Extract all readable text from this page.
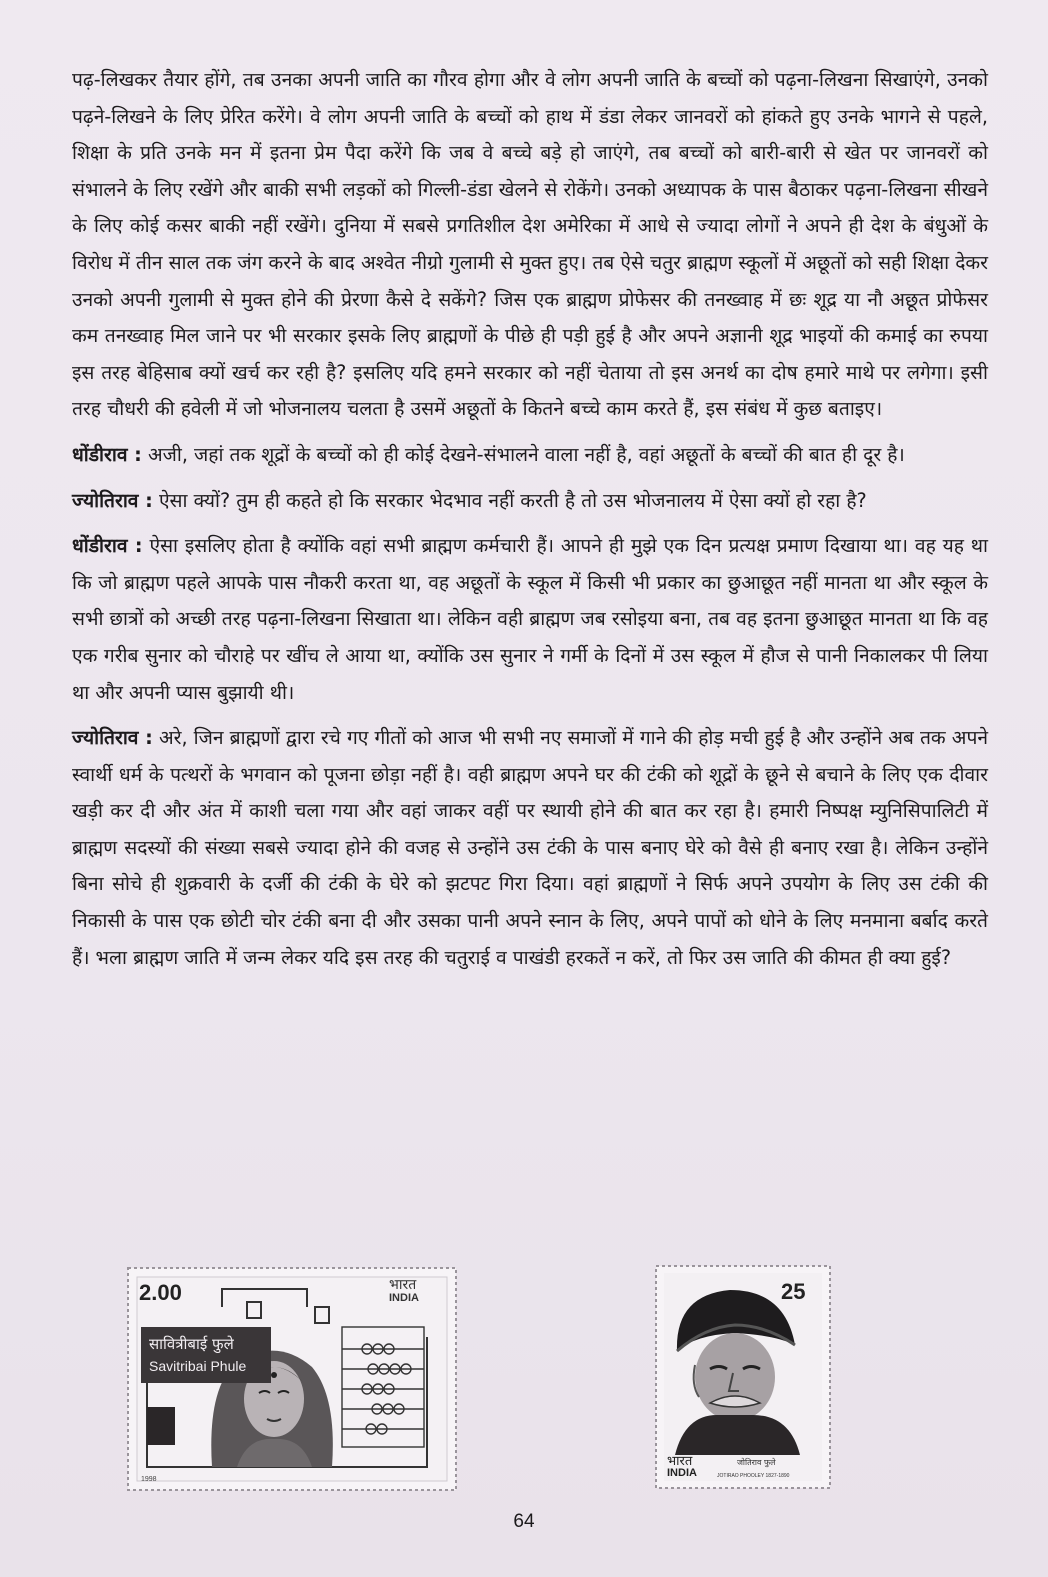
पढ़-लिखकर तैयार होंगे, तब उनका अपनी जाति का गौरव होगा और वे लोग अपनी जाति के बच्चों को पढ़ना-लिखना सिखाएंगे, उनको पढ़ने-लिखने के लिए प्रेरित करेंगे। वे लोग अपनी जाति के बच्चों को हाथ में डंडा लेकर जानवरों को हांकते हुए उनके भागने से पहले, शिक्षा के प्रति उनके मन में इतना प्रेम पैदा करेंगे कि जब वे बच्चे बड़े हो जाएंगे, तब बच्चों को बारी-बारी से खेत पर जानवरों को संभालने के लिए रखेंगे और बाकी सभी लड़कों को गिल्ली-डंडा खेलने से रोकेंगे। उनको अध्यापक के पास बैठाकर पढ़ना-लिखना सीखने के लिए कोई कसर बाकी नहीं रखेंगे। दुनिया में सबसे प्रगतिशील देश अमेरिका में आधे से ज्यादा लोगों ने अपने ही देश के बंधुओं के विरोध में तीन साल तक जंग करने के बाद अश्वेत नीग्रो गुलामी से मुक्त हुए। तब ऐसे चतुर ब्राह्मण स्कूलों में अछूतों को सही शिक्षा देकर उनको अपनी गुलामी से मुक्त होने की प्रेरणा कैसे दे सकेंगे? जिस एक ब्राह्मण प्रोफेसर की तनख्वाह में छः शूद्र या नौ अछूत प्रोफेसर कम तनख्वाह मिल जाने पर भी सरकार इसके लिए ब्राह्मणों के पीछे ही पड़ी हुई है और अपने अज्ञानी शूद्र भाइयों की कमाई का रुपया इस तरह बेहिसाब क्यों खर्च कर रही है? इसलिए यदि हमने सरकार को नहीं चेताया तो इस अनर्थ का दोष हमारे माथे पर लगेगा। इसी तरह चौधरी की हवेली में जो भोजनालय चलता है उसमें अछूतों के कितने बच्चे काम करते हैं, इस संबंध में कुछ बताइए।

धोंडीराव : अजी, जहां तक शूद्रों के बच्चों को ही कोई देखने-संभालने वाला नहीं है, वहां अछूतों के बच्चों की बात ही दूर है।

ज्योतिराव : ऐसा क्यों? तुम ही कहते हो कि सरकार भेदभाव नहीं करती है तो उस भोजनालय में ऐसा क्यों हो रहा है?

धोंडीराव : ऐसा इसलिए होता है क्योंकि वहां सभी ब्राह्मण कर्मचारी हैं। आपने ही मुझे एक दिन प्रत्यक्ष प्रमाण दिखाया था। वह यह था कि जो ब्राह्मण पहले आपके पास नौकरी करता था, वह अछूतों के स्कूल में किसी भी प्रकार का छुआछूत नहीं मानता था और स्कूल के सभी छात्रों को अच्छी तरह पढ़ना-लिखना सिखाता था। लेकिन वही ब्राह्मण जब रसोइया बना, तब वह इतना छुआछूत मानता था कि वह एक गरीब सुनार को चौराहे पर खींच ले आया था, क्योंकि उस सुनार ने गर्मी के दिनों में उस स्कूल में हौज से पानी निकालकर पी लिया था और अपनी प्यास बुझायी थी।

ज्योतिराव : अरे, जिन ब्राह्मणों द्वारा रचे गए गीतों को आज भी सभी नए समाजों में गाने की होड़ मची हुई है और उन्होंने अब तक अपने स्वार्थी धर्म के पत्थरों के भगवान को पूजना छोड़ा नहीं है। वही ब्राह्मण अपने घर की टंकी को शूद्रों के छूने से बचाने के लिए एक दीवार खड़ी कर दी और अंत में काशी चला गया और वहां जाकर वहीं पर स्थायी होने की बात कर रहा है। हमारी निष्पक्ष म्युनिसिपालिटी में ब्राह्मण सदस्यों की संख्या सबसे ज्यादा होने की वजह से उन्होंने उस टंकी के पास बनाए घेरे को वैसे ही बनाए रखा है। लेकिन उन्होंने बिना सोचे ही शुक्रवारी के दर्जी की टंकी के घेरे को झटपट गिरा दिया। वहां ब्राह्मणों ने सिर्फ अपने उपयोग के लिए उस टंकी की निकासी के पास एक छोटी चोर टंकी बना दी और उसका पानी अपने स्नान के लिए, अपने पापों को धोने के लिए मनमाना बर्बाद करते हैं। भला ब्राह्मण जाति में जन्म लेकर यदि इस तरह की चतुराई व पाखंडी हरकतें न करें, तो फिर उस जाति की कीमत ही क्या हुई?

2.00	भारत
INDIA
सावित्रीबाई फुले
Savitribai Phule
1998
25
भारत
INDIA
जोतिराव फुले
JOTIRAO PHOOLEY 1827-1890
64
